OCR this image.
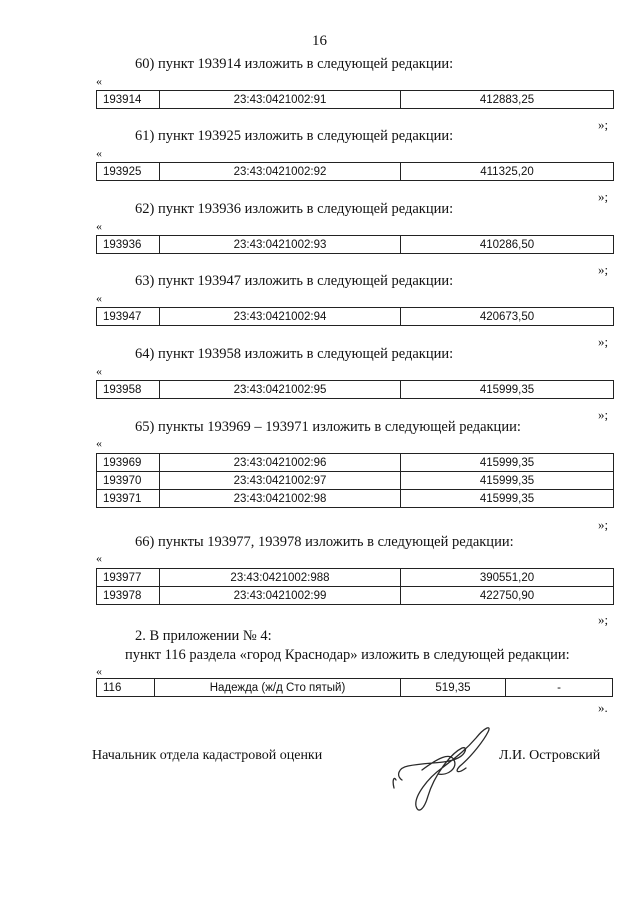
16
60) пункт 193914 изложить в следующей редакции:
«
193914	23:43:0421002:91	412883,25
»;
61) пункт 193925 изложить в следующей редакции:
«
193925	23:43:0421002:92	411325,20
»;
62) пункт 193936 изложить в следующей редакции:
«
193936	23:43:0421002:93	410286,50
»;
63) пункт 193947 изложить в следующей редакции:
«
193947	23:43:0421002:94	420673,50
»;
64) пункт 193958 изложить в следующей редакции:
«
193958	23:43:0421002:95	415999,35
»;
65) пункты 193969 – 193971 изложить в следующей редакции:
«
193969	23:43:0421002:96	415999,35
193970	23:43:0421002:97	415999,35
193971	23:43:0421002:98	415999,35
»;
66) пункты 193977, 193978 изложить в следующей редакции:
«
193977	23:43:0421002:988	390551,20
193978	23:43:0421002:99	422750,90
»;
2. В приложении № 4:
пункт 116 раздела «город Краснодар» изложить в следующей редакции:
«
116	Надежда (ж/д Сто пятый)	519,35	-
».
Начальник отдела кадастровой оценки	Л.И. Островский
